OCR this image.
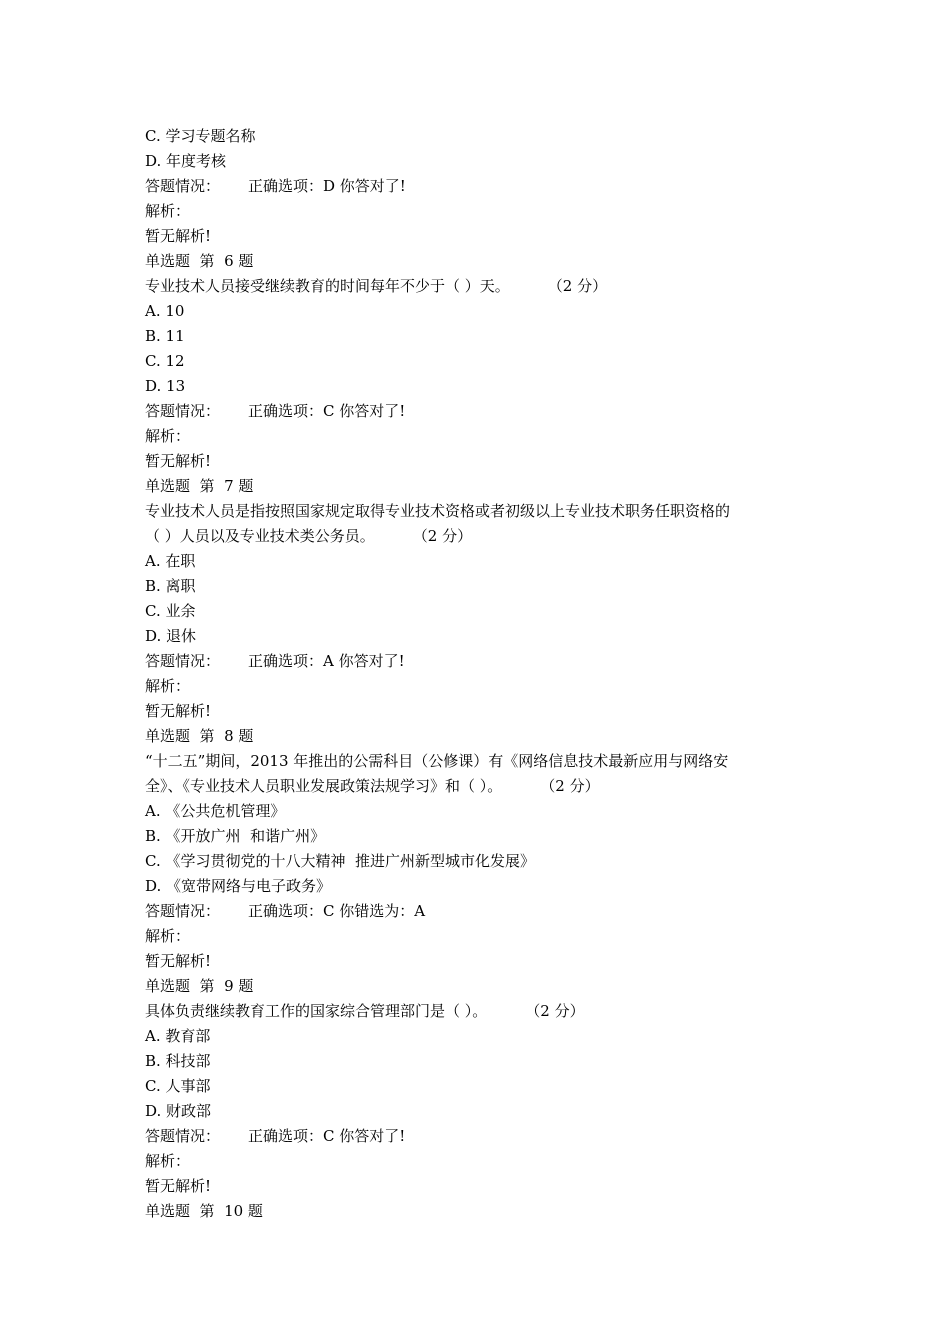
C. 学习专题名称
D. 年度考核
答题情况： 正确选项：D 你答对了!
解析：
暂无解析!
单选题  第  6 题
专业技术人员接受继续教育的时间每年不少于（ ）天。	（2 分）
A. 10
B. 11
C. 12
D. 13
答题情况： 正确选项：C 你答对了!
解析：
暂无解析!
单选题  第  7 题
专业技术人员是指按照国家规定取得专业技术资格或者初级以上专业技术职务任职资格的
（ ）人员以及专业技术类公务员。	（2 分）
A. 在职
B. 离职
C. 业余
D. 退休
答题情况： 正确选项：A 你答对了!
解析：
暂无解析!
单选题  第  8 题
“十二五”期间，2013 年推出的公需科目（公修课）有《网络信息技术最新应用与网络安
全》、《专业技术人员职业发展政策法规学习》和（ ）。	（2 分）
A. 《公共危机管理》
B. 《开放广州  和谐广州》
C. 《学习贯彻党的十八大精神  推进广州新型城市化发展》
D. 《宽带网络与电子政务》
答题情况： 正确选项：C 你错选为：A
解析：
暂无解析!
单选题  第  9 题
具体负责继续教育工作的国家综合管理部门是（ ）。	（2 分）
A. 教育部
B. 科技部
C. 人事部
D. 财政部
答题情况： 正确选项：C 你答对了!
解析：
暂无解析!
单选题  第  10 题
